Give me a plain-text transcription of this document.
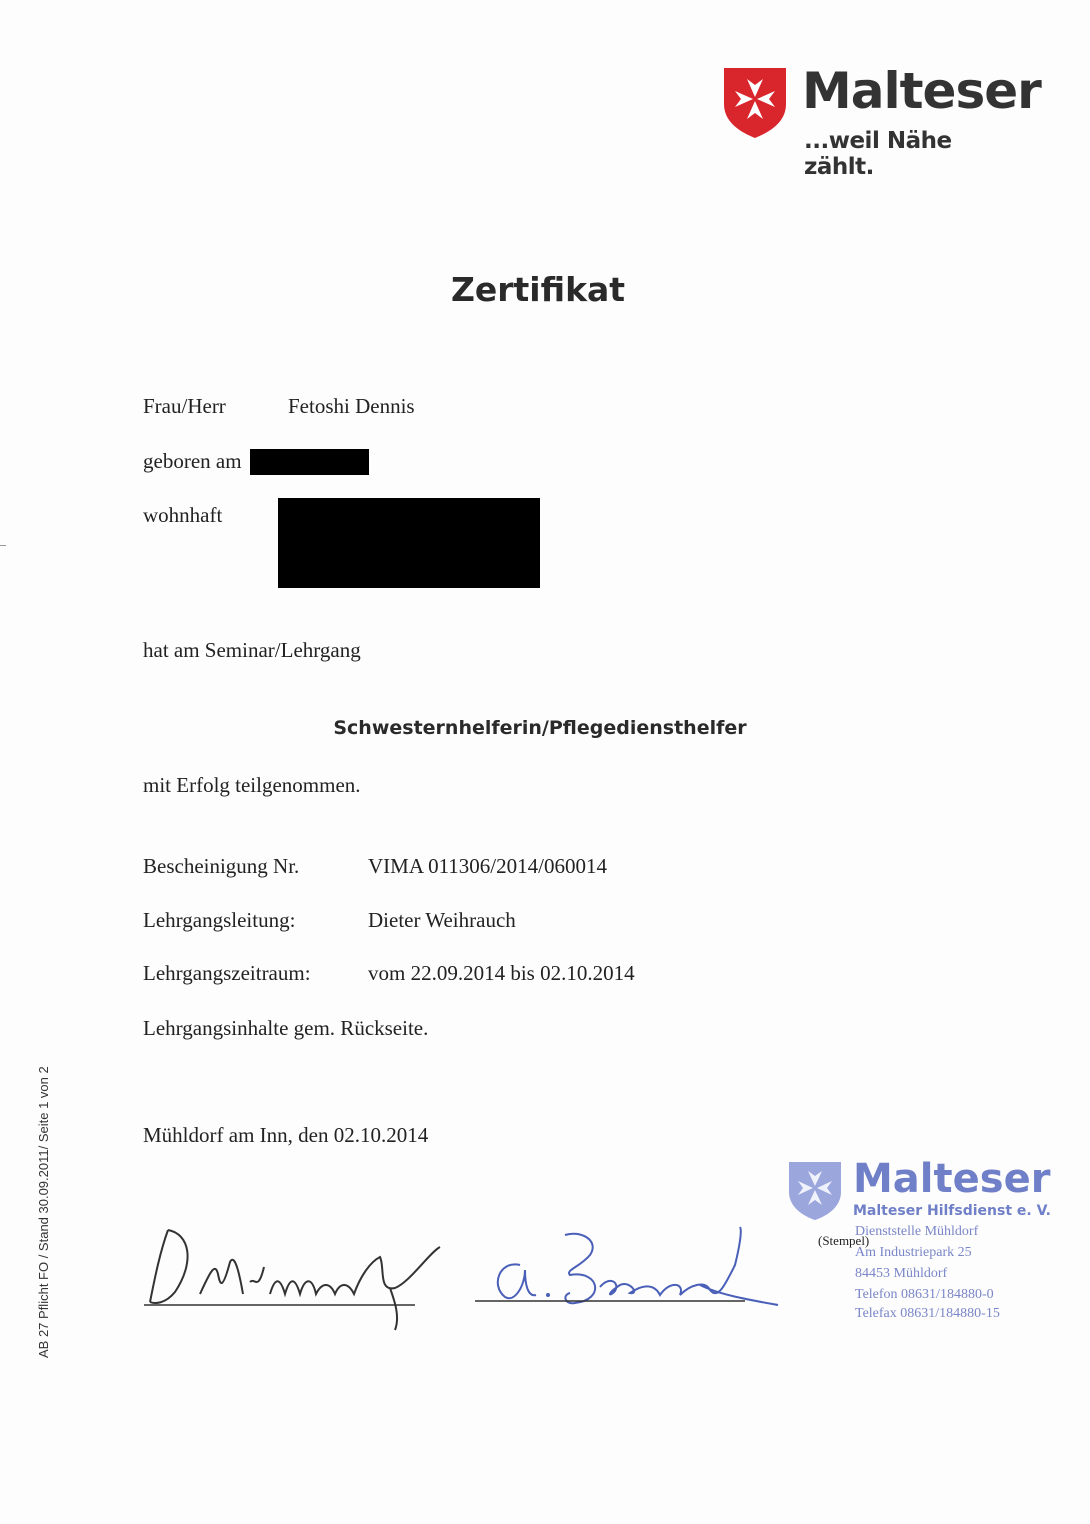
Malteser
...weil Nähe zählt.
Zertifikat
Frau/Herr	Fetoshi Dennis
geboren am
wohnhaft
hat am Seminar/Lehrgang
Schwesternhelferin/Pflegediensthelfer
mit Erfolg teilgenommen.
Bescheinigung Nr.	VIMA 011306/2014/060014
Lehrgangsleitung:	Dieter Weihrauch
Lehrgangszeitraum:	vom 22.09.2014 bis 02.10.2014
Lehrgangsinhalte gem. Rückseite.
Mühldorf am Inn, den 02.10.2014
Malteser
Malteser Hilfsdienst e. V.
Dienststelle Mühldorf
Am Industriepark 25
84453 Mühldorf
Telefon 08631/184880-0
Telefax 08631/184880-15
(Stempel)
AB 27 Pflicht FO / Stand 30.09.2011/ Seite 1 von 2
